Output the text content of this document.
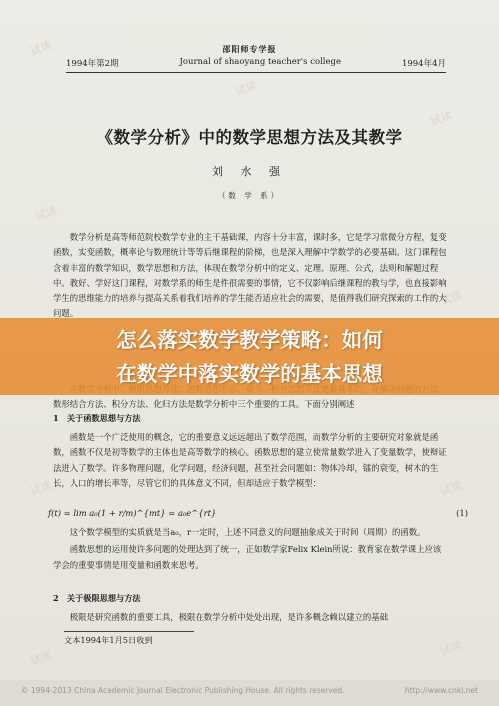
试读
试读
试读
试读
试读
试读	试读
试读
试读
邵阳师专学报
1994年第2期	Journal of shaoyang teacher's college	1994年4月
《数学分析》中的数学思想方法及其教学
刘 水 强
（数 学 系）

数学分析是高等师范院校数学专业的主干基础课，内容十分丰富，课时多，它是学习常微分方程，复变函数，实变函数，概率论与数理统计等等后继课程的阶梯，也是深入理解中学数学的必要基础。这门课程包含着丰富的数学知识，数学思想和方法，体现在数学分析中的定义、定理、原理、公式，法则和解题过程中。教好、学好这门课程，对数学系的师生是件很需要的事情，它不仅影响后继课程的教与学，也直接影响学生的思维能力的培养与提高关系着我们培养的学生能否适应社会的需要，是值得我们研究探索的工作的大问题。

数形结合方法、积分方法、化归方法是数学分析中三个重要的工具。下面分别阐述

1　关于函数思想与方法

函数是一个广泛使用的概念，它的重要意义远远超出了数学范围，而数学分析的主要研究对象就是函数，函数不仅是初等数学的主体也是高等数学的核心。函数思想的建立使常量数学进入了变量数学，使辩证法进入了数学。许多物理问题，化学问题，经济问题，甚至社会问题如：物体冷却，镭的衰变，树木的生长，人口的增长率等，尽管它们的具体意义不同，但却适应于数学模型：

f(t) = lim a₀(1 + r/m)^{mt} = a₀e^{rt}	(1)

这个数学模型的实质就是当a₀，r一定时，上述不同意义的问题抽象成关于时间（周期）的函数。

函数思想的运用使许多问题的处理达到了统一，正如数学家Felix Klein所说：教育家在数学课上应该学会的重要事情是用变量和函数来思考。

2　关于极限思想与方法

极限是研究函数的重要工具，极限在数学分析中处处出现，是许多概念赖以建立的基础

文本1994年1月5日收到
怎么落实数学教学策略：如何
在数学中落实数学的基本思想
© 1994-2013 China Academic Journal Electronic Publishing House. All rights reserved.	http://www.cnki.net
